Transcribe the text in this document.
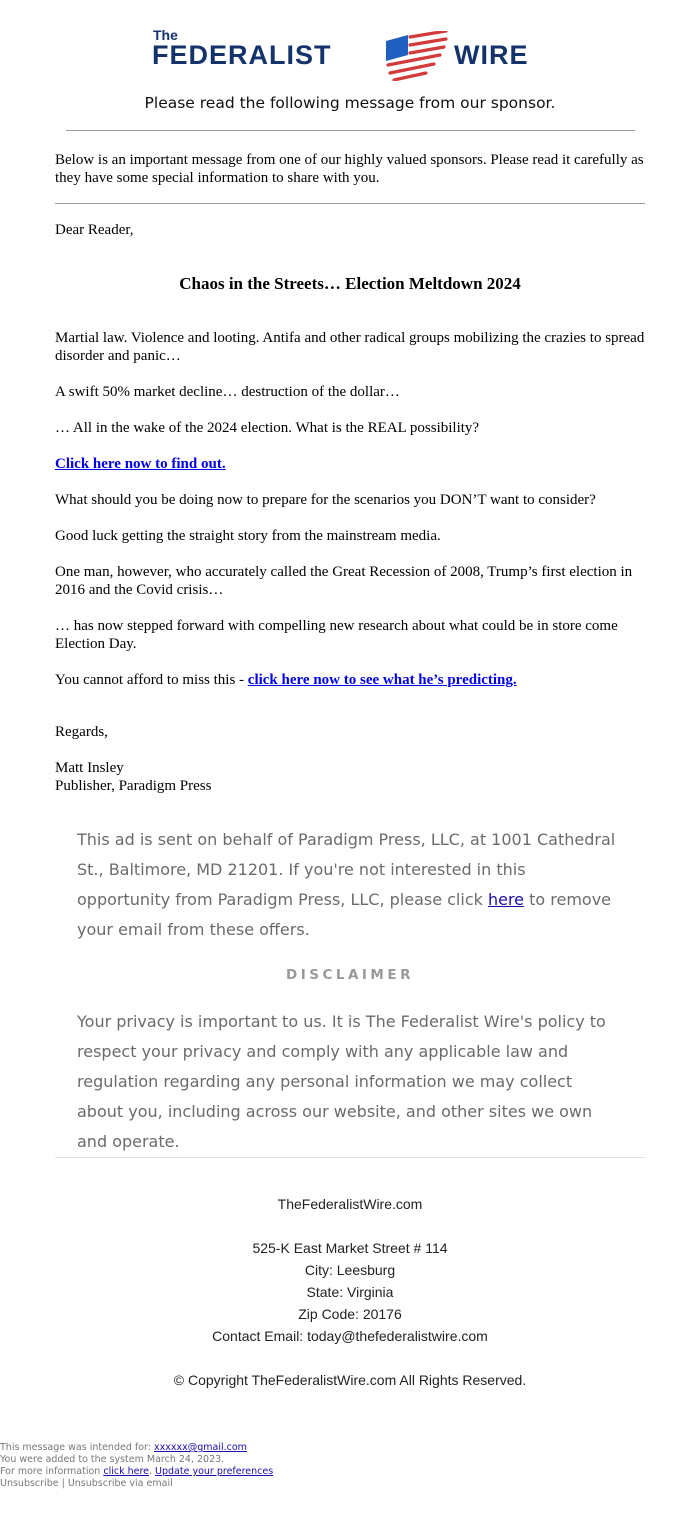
The
FEDERALIST	WIRE
Please read the following message from our sponsor.
Below is an important message from one of our highly valued sponsors. Please read it carefully as they have some special information to share with you.

Dear Reader,

Chaos in the Streets… Election Meltdown 2024

Martial law. Violence and looting. Antifa and other radical groups mobilizing the crazies to spread disorder and panic…

A swift 50% market decline… destruction of the dollar…

… All in the wake of the 2024 election. What is the REAL possibility?

Click here now to find out.

What should you be doing now to prepare for the scenarios you DON’T want to consider?

Good luck getting the straight story from the mainstream media.

One man, however, who accurately called the Great Recession of 2008, Trump’s first election in 2016 and the Covid crisis…

… has now stepped forward with compelling new research about what could be in store come Election Day.

You cannot afford to miss this - click here now to see what he’s predicting.

Regards,

Matt Insley

Publisher, Paradigm Press

This ad is sent on behalf of Paradigm Press, LLC, at 1001 Cathedral St., Baltimore, MD 21201. If you're not interested in this opportunity from Paradigm Press, LLC, please click here to remove your email from these offers.

DISCLAIMER

Your privacy is important to us. It is The Federalist Wire's policy to respect your privacy and comply with any applicable law and regulation regarding any personal information we may collect about you, including across our website, and other sites we own and operate.

TheFederalistWire.com
525-K East Market Street # 114
City: Leesburg
State: Virginia
Zip Code: 20176
Contact Email: today@thefederalistwire.com
© Copyright TheFederalistWire.com All Rights Reserved.
This message was intended for: xxxxxx@gmail.com
You were added to the system March 24, 2023.
For more information click here. Update your preferences
Unsubscribe | Unsubscribe via email
